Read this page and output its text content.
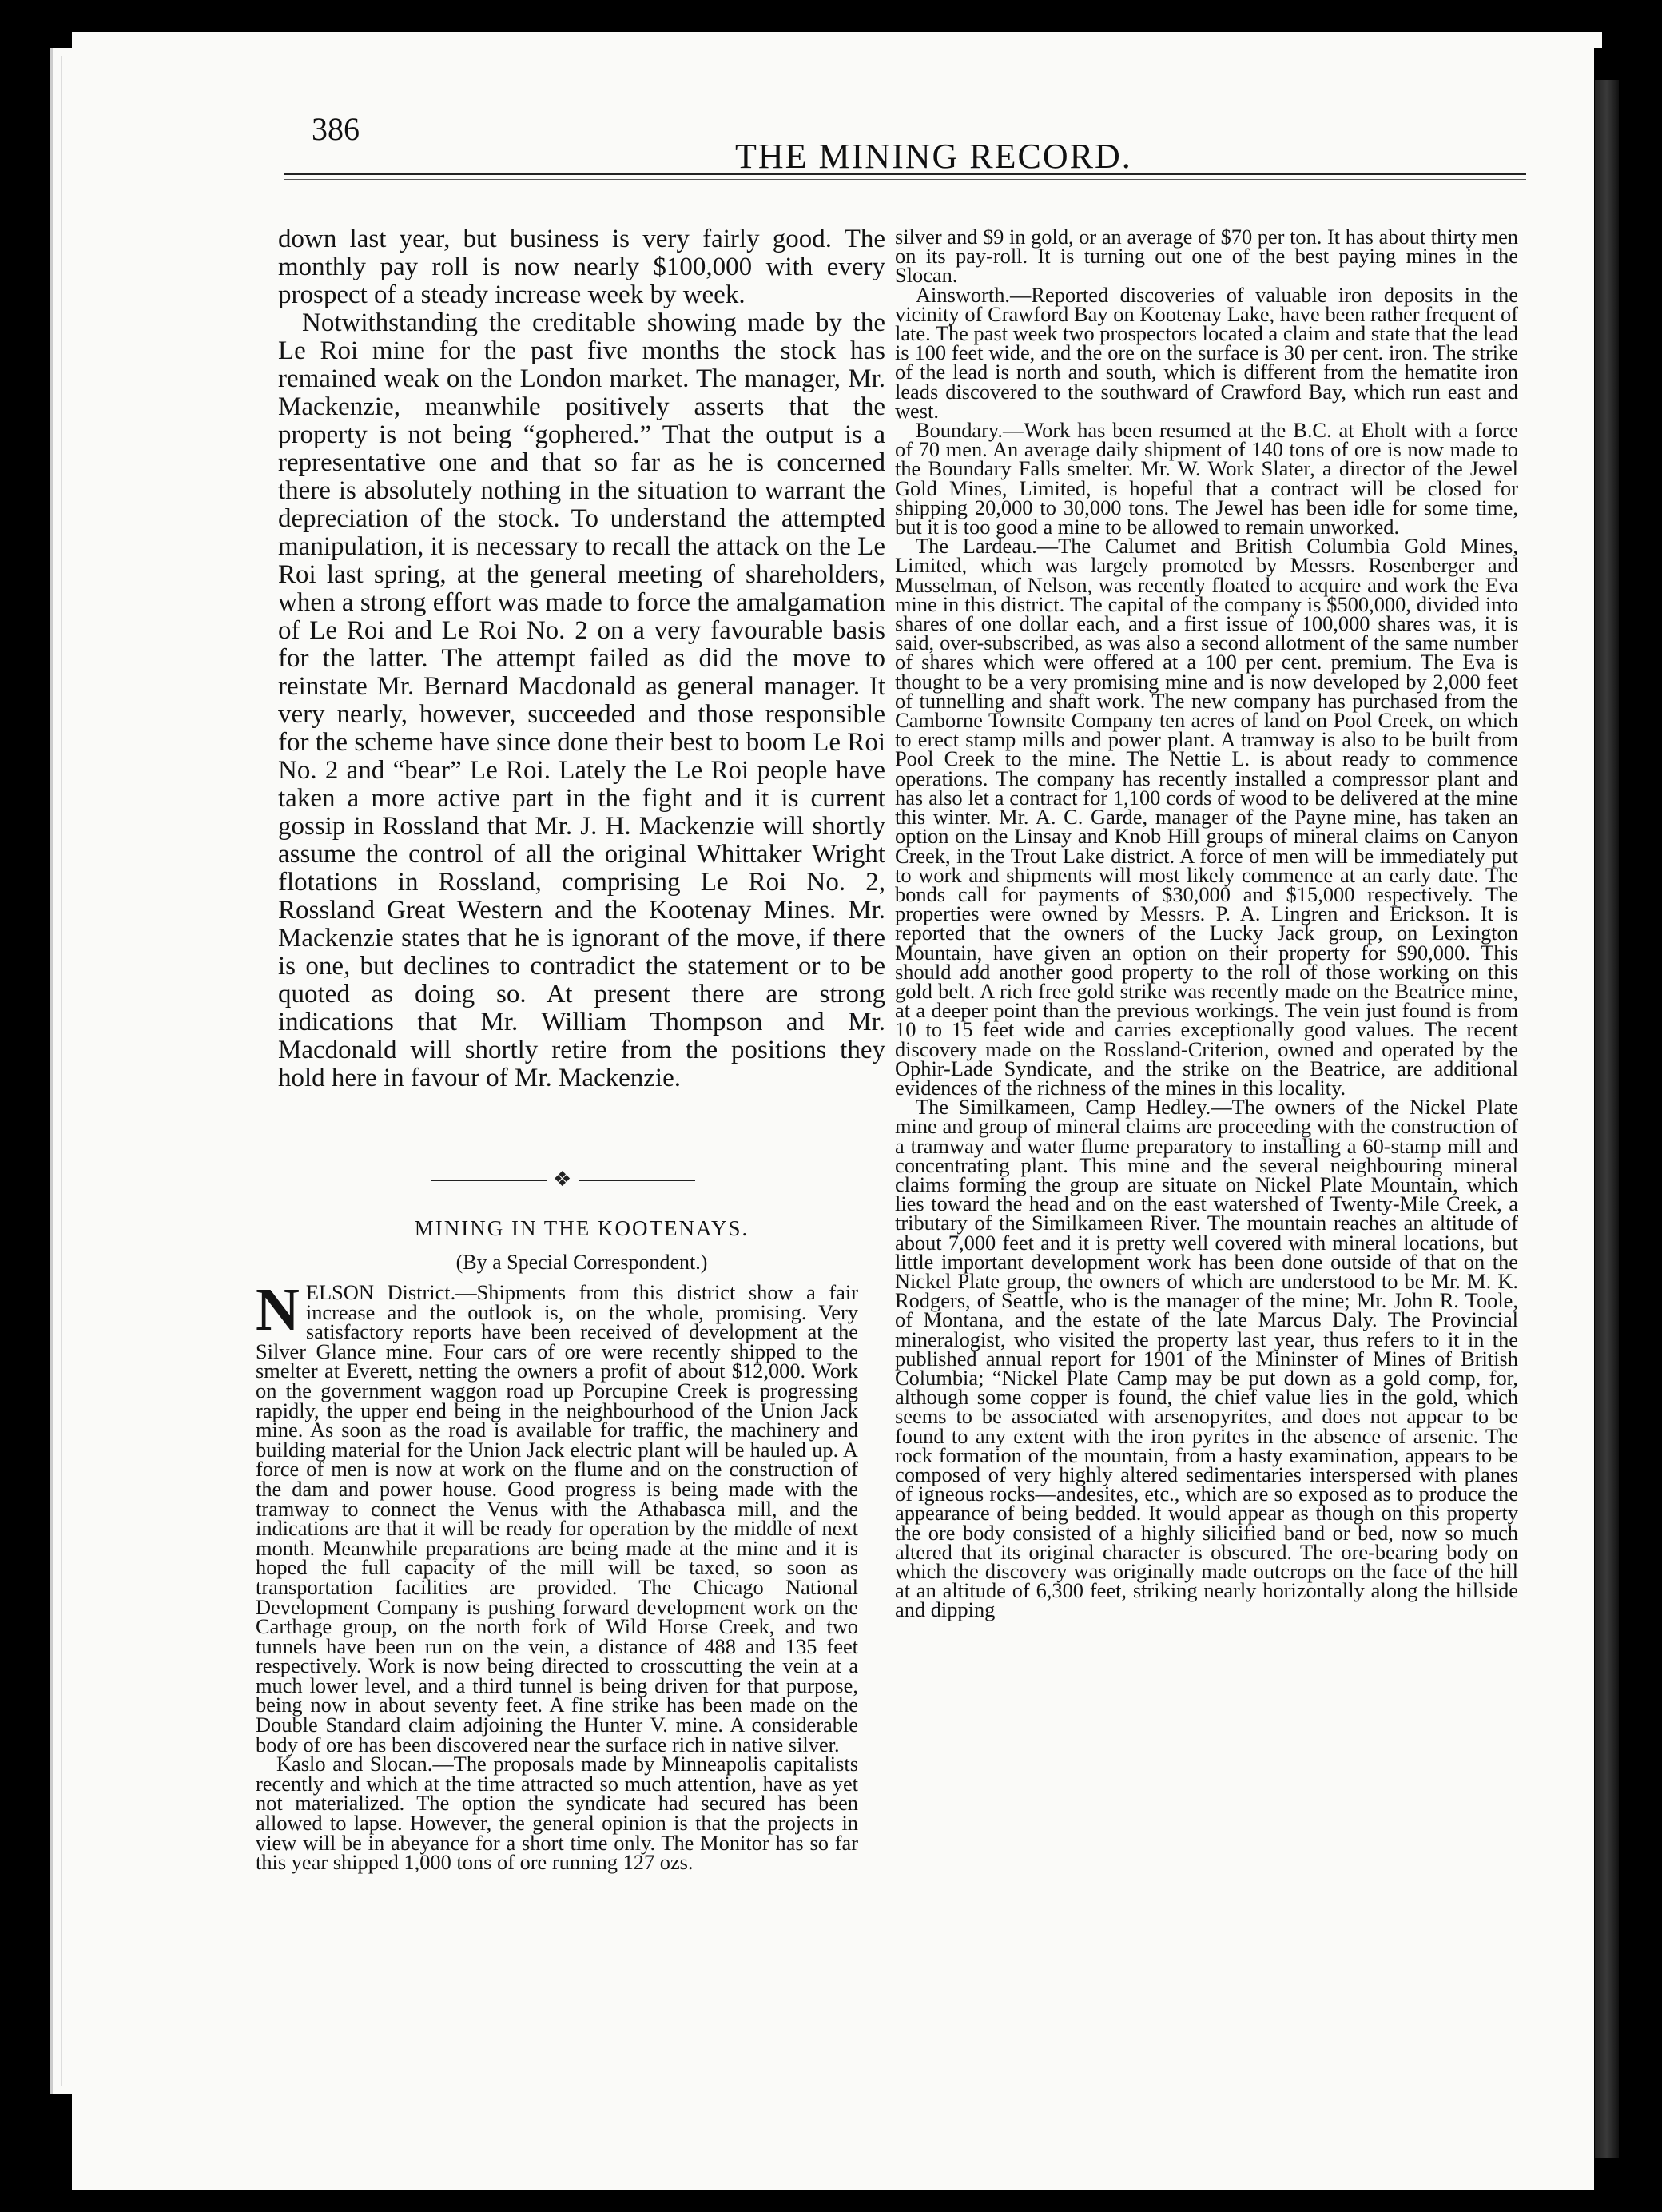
386
THE MINING RECORD.

down last year, but business is very fairly good. The monthly pay roll is now nearly $100,000 with every prospect of a steady increase week by week.

Notwithstanding the creditable showing made by the Le Roi mine for the past five months the stock has remained weak on the London market. The manager, Mr. Mackenzie, meanwhile positively asserts that the property is not being “gophered.” That the output is a representative one and that so far as he is concerned there is absolutely nothing in the situation to warrant the depreciation of the stock. To understand the attempted manipulation, it is necessary to recall the attack on the Le Roi last spring, at the general meeting of shareholders, when a strong effort was made to force the amalgamation of Le Roi and Le Roi No. 2 on a very favourable basis for the latter. The attempt failed as did the move to reinstate Mr. Bernard Macdonald as general manager. It very nearly, however, succeeded and those responsible for the scheme have since done their best to boom Le Roi No. 2 and “bear” Le Roi. Lately the Le Roi people have taken a more active part in the fight and it is current gossip in Rossland that Mr. J. H. Mackenzie will shortly assume the control of all the original Whittaker Wright flotations in Rossland, comprising Le Roi No. 2, Rossland Great Western and the Kootenay Mines. Mr. Mackenzie states that he is ignorant of the move, if there is one, but declines to contradict the statement or to be quoted as doing so. At present there are strong indications that Mr. William Thompson and Mr. Macdonald will shortly retire from the positions they hold here in favour of Mr. Mackenzie.

❖
MINING IN THE KOOTENAYS.
(By a Special Correspondent.)

NELSON District.—Shipments from this district show a fair increase and the outlook is, on the whole, promising. Very satisfactory reports have been received of development at the Silver Glance mine. Four cars of ore were recently shipped to the smelter at Everett, netting the owners a profit of about $12,000. Work on the government waggon road up Porcupine Creek is progressing rapidly, the upper end being in the neighbourhood of the Union Jack mine. As soon as the road is available for traffic, the machinery and building material for the Union Jack electric plant will be hauled up. A force of men is now at work on the flume and on the construction of the dam and power house. Good progress is being made with the tramway to connect the Venus with the Athabasca mill, and the indications are that it will be ready for operation by the middle of next month. Meanwhile preparations are being made at the mine and it is hoped the full capacity of the mill will be taxed, so soon as transportation facilities are provided. The Chicago National Development Company is pushing forward development work on the Carthage group, on the north fork of Wild Horse Creek, and two tunnels have been run on the vein, a distance of 488 and 135 feet respectively. Work is now being directed to crosscutting the vein at a much lower level, and a third tunnel is being driven for that purpose, being now in about seventy feet. A fine strike has been made on the Double Standard claim adjoining the Hunter V. mine. A considerable body of ore has been discovered near the surface rich in native silver.

Kaslo and Slocan.—The proposals made by Minneapolis capitalists recently and which at the time attracted so much attention, have as yet not materialized. The option the syndicate had secured has been allowed to lapse. However, the general opinion is that the projects in view will be in abeyance for a short time only. The Monitor has so far this year shipped 1,000 tons of ore running 127 ozs.

silver and $9 in gold, or an average of $70 per ton. It has about thirty men on its pay-roll. It is turning out one of the best paying mines in the Slocan.

Ainsworth.—Reported discoveries of valuable iron deposits in the vicinity of Crawford Bay on Kootenay Lake, have been rather frequent of late. The past week two prospectors located a claim and state that the lead is 100 feet wide, and the ore on the surface is 30 per cent. iron. The strike of the lead is north and south, which is different from the hematite iron leads discovered to the southward of Crawford Bay, which run east and west.

Boundary.—Work has been resumed at the B.C. at Eholt with a force of 70 men. An average daily shipment of 140 tons of ore is now made to the Boundary Falls smelter. Mr. W. Work Slater, a director of the Jewel Gold Mines, Limited, is hopeful that a contract will be closed for shipping 20,000 to 30,000 tons. The Jewel has been idle for some time, but it is too good a mine to be allowed to remain unworked.

The Lardeau.—The Calumet and British Columbia Gold Mines, Limited, which was largely promoted by Messrs. Rosenberger and Musselman, of Nelson, was recently floated to acquire and work the Eva mine in this district. The capital of the company is $500,000, divided into shares of one dollar each, and a first issue of 100,000 shares was, it is said, over-subscribed, as was also a second allotment of the same number of shares which were offered at a 100 per cent. premium. The Eva is thought to be a very promising mine and is now developed by 2,000 feet of tunnelling and shaft work. The new company has purchased from the Camborne Townsite Company ten acres of land on Pool Creek, on which to erect stamp mills and power plant. A tramway is also to be built from Pool Creek to the mine. The Nettie L. is about ready to commence operations. The company has recently installed a compressor plant and has also let a contract for 1,100 cords of wood to be delivered at the mine this winter. Mr. A. C. Garde, manager of the Payne mine, has taken an option on the Linsay and Knob Hill groups of mineral claims on Canyon Creek, in the Trout Lake district. A force of men will be immediately put to work and shipments will most likely commence at an early date. The bonds call for payments of $30,000 and $15,000 respectively. The properties were owned by Messrs. P. A. Lingren and Erickson. It is reported that the owners of the Lucky Jack group, on Lexington Mountain, have given an option on their property for $90,000. This should add another good property to the roll of those working on this gold belt. A rich free gold strike was recently made on the Beatrice mine, at a deeper point than the previous workings. The vein just found is from 10 to 15 feet wide and carries exceptionally good values. The recent discovery made on the Rossland-Criterion, owned and operated by the Ophir-Lade Syndicate, and the strike on the Beatrice, are additional evidences of the richness of the mines in this locality.

The Similkameen, Camp Hedley.—The owners of the Nickel Plate mine and group of mineral claims are proceeding with the construction of a tramway and water flume preparatory to installing a 60-stamp mill and concentrating plant. This mine and the several neighbouring mineral claims forming the group are situate on Nickel Plate Mountain, which lies toward the head and on the east watershed of Twenty-Mile Creek, a tributary of the Similkameen River. The mountain reaches an altitude of about 7,000 feet and it is pretty well covered with mineral locations, but little important development work has been done outside of that on the Nickel Plate group, the owners of which are understood to be Mr. M. K. Rodgers, of Seattle, who is the manager of the mine; Mr. John R. Toole, of Montana, and the estate of the late Marcus Daly. The Provincial mineralogist, who visited the property last year, thus refers to it in the published annual report for 1901 of the Mininster of Mines of British Columbia; “Nickel Plate Camp may be put down as a gold comp, for, although some copper is found, the chief value lies in the gold, which seems to be associated with arsenopyrites, and does not appear to be found to any extent with the iron pyrites in the absence of arsenic. The rock formation of the mountain, from a hasty examination, appears to be composed of very highly altered sedimentaries interspersed with planes of igneous rocks—andesites, etc., which are so exposed as to produce the appearance of being bedded. It would appear as though on this property the ore body consisted of a highly silicified band or bed, now so much altered that its original character is obscured. The ore-bearing body on which the discovery was originally made outcrops on the face of the hill at an altitude of 6,300 feet, striking nearly horizontally along the hillside and dipping
